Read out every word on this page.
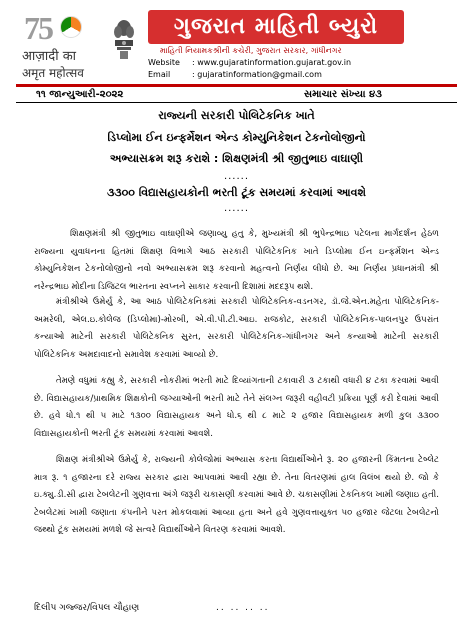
75
आज़ादी का
अमृत महोत्सव
ગુજરાત માહિતી બ્યુરો
માહિતી નિયામકશ્રીની કચેરી, ગુજરાત સરકાર, ગાંધીનગર
Website : www.gujaratinformation.gujarat.gov.in
Email	: gujaratinformation@gmail.com
૧૧ જાન્યુઆરી-૨૦૨૨	સમાચાર સંખ્યા ૪૩
રાજ્યની સરકારી પોલિટેકનિક ખાતે
ડિપ્લોમા ઈન ઇન્ફર્મેશન એન્ડ કોમ્યુનિકેશન ટેકનોલોજીનો
અભ્યાસક્રમ શરૂ કરાશે : શિક્ષણમંત્રી શ્રી જીતુભાઇ વાઘાણી
......
૩૩૦૦ વિદ્યાસહાયકોની ભરતી ટૂંક સમયમાં કરવામાં આવશે
......
શિક્ષણમંત્રી શ્રી જીતુભાઇ વાઘાણીએ જણાવ્યુ હતુ કે, મુખ્યમંત્રી શ્રી ભુપેન્દ્રભાઇ પટેલના માર્ગદર્શન હેઠળ રાજ્યના યુવાધનના હિતમાં શિક્ષણ વિભાગે આઠ સરકારી પોલિટેકનિક ખાતે ડિપ્લોમા ઈન ઇન્ફર્મેશન એન્ડ કોમ્યુનિકેશન ટેકનોલોજીનો નવો અભ્યાસક્રમ શરૂ કરવાનો મહત્વનો નિર્ણય લીધો છે. આ નિર્ણય પ્રધાનમંત્રી શ્રી નરેન્દ્રભાઇ મોદીના ડિજિટલ ભારતના સ્વપ્નને સાકાર કરવાની દિશામાં મદદરૂપ થશે.
મંત્રીશ્રીએ ઉમેર્યુ કે, આ આઠ પોલિટેકનિકમાં સરકારી પોલિટેકનિક-વડનગર, ડૉ.જે.એન.મહેતા પોલિટેકનિક-અમરેલી, એલ.ઇ.કોલેજ (ડિપ્લોમા)-મોરબી, એ.વી.પી.ટી.આઇ. રાજકોટ, સરકારી પોલિટેકનિક-પાલનપુર ઉપરાંત કન્યાઓ માટેની સરકારી પોલિટેકનિક સુરત, સરકારી પોલિટેકનિક-ગાંધીનગર અને કન્યાઓ માટેની સરકારી પોલિટેકનિક અમદાવાદનો સમાવેશ કરવામાં આવ્યો છે.
તેમણે વધુમાં કહ્યુ કે, સરકારી નોકરીમાં ભરતી માટે દિવ્યાંગતાની ટકાવારી ૩ ટકાથી વધારી ૪ ટકા કરવામાં આવી છે. વિદ્યાસહાયક/પ્રાથમિક શિક્ષકોની જગ્યાઓની ભરતી માટે તેને સંલગ્ન જરૂરી વહીવટી પ્રક્રિયા પૂર્ણ કરી દેવામાં આવી છે. હવે ધો.૧ થી ૫ માટે ૧૩૦૦ વિદ્યાસહાયક અને ધો.૬ થી ૮ માટે ૨ હજાર વિદ્યાસહાયક મળી કુલ ૩૩૦૦ વિદ્યાસહાયકોની ભરતી ટૂંક સમયમાં કરવામાં આવશે.
શિક્ષણ મંત્રીશ્રીએ ઉમેર્યુ કે, રાજ્યની કોલેજોમાં અભ્યાસ કરતા વિદ્યાર્થીઓને રૂ. ૨૦ હજારની કિંમતના ટેબ્લેટ માત્ર રૂ. ૧ હજારના દરે રાજ્ય સરકાર દ્વારા આપવામાં આવી રહ્યા છે. તેના વિતરણમાં હાલ વિલંબ થયો છે. જો કે ઇ.ક્યુ.ડી.સી દ્વારા ટેબલેટની ગુણવત્તા અંગે જરૂરી ચકાસણી કરવામાં આવે છે. ચકાસણીમાં ટેકનિકલ ખામી જણાઇ હતી. ટેબલેટમાં ખામી જણાતા કંપનીને પરત મોકલવામાં આવ્યા હતા અને હવે ગુણવત્તાયુક્ત ૫૦ હજાર જેટલા ટેબલેટનો જથ્થો ટૂંક સમયમાં મળશે જે સત્વરે વિદ્યાર્થીઓને વિતરણ કરવામાં આવશે.
દિલીપ ગજ્જર/વિપલ ચૌહાણ	.. .. .. ..
